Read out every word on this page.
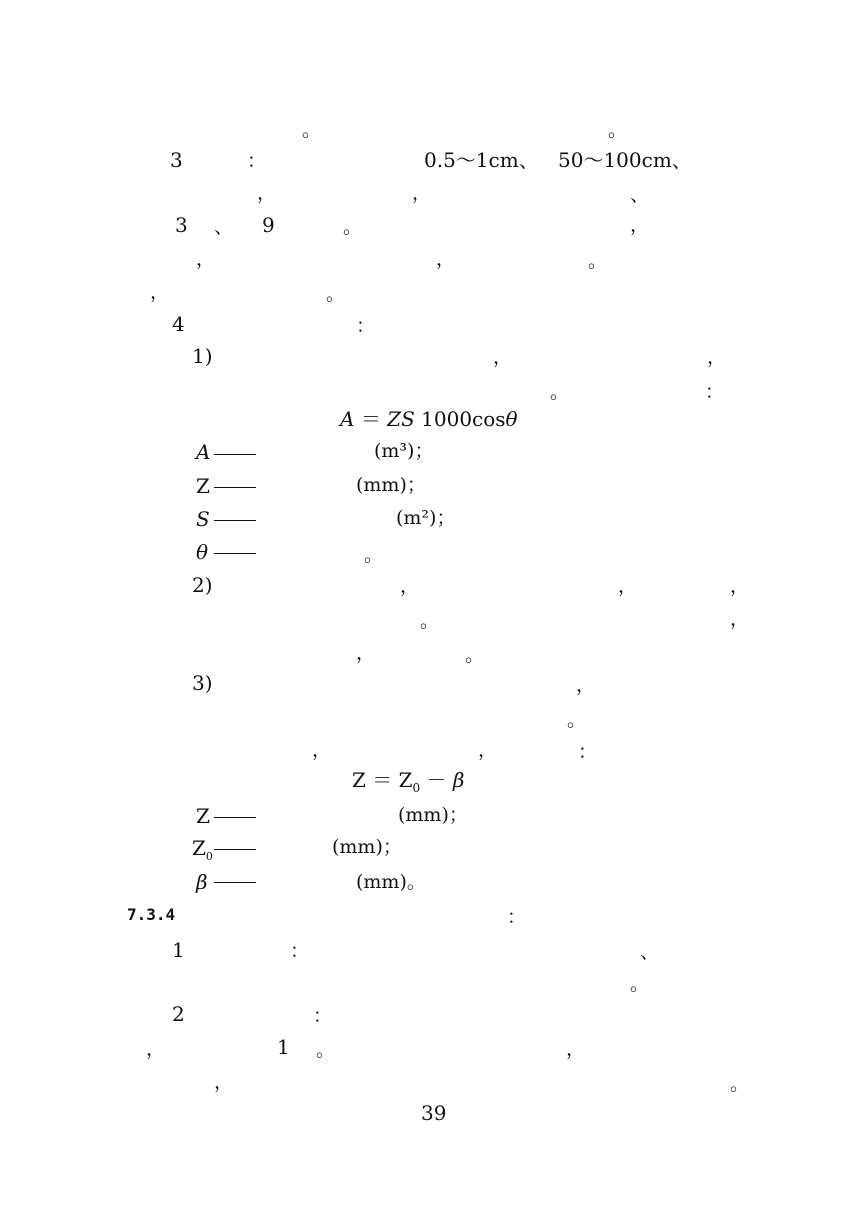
。	。
3	：	0.5～1cm、 50～100cm、
，	，	、
3 、 9	。	，
，	，	。
，	。
4	：
1)	，	，
。	：
A ＝ ZS 1000cosθ
A	(m³)；
Z	(mm)；
S	(m²)；
θ	。
2)	，	，	，
。	，
，	。
3)	，
。
，	，	：
$Z = Z_0 - \beta$
Z	(mm)；
$Z_0$	(mm)；
β	(mm)。
7.3.4	：
1	：	、
。
2	：
，	1 。	，
，	。
39
